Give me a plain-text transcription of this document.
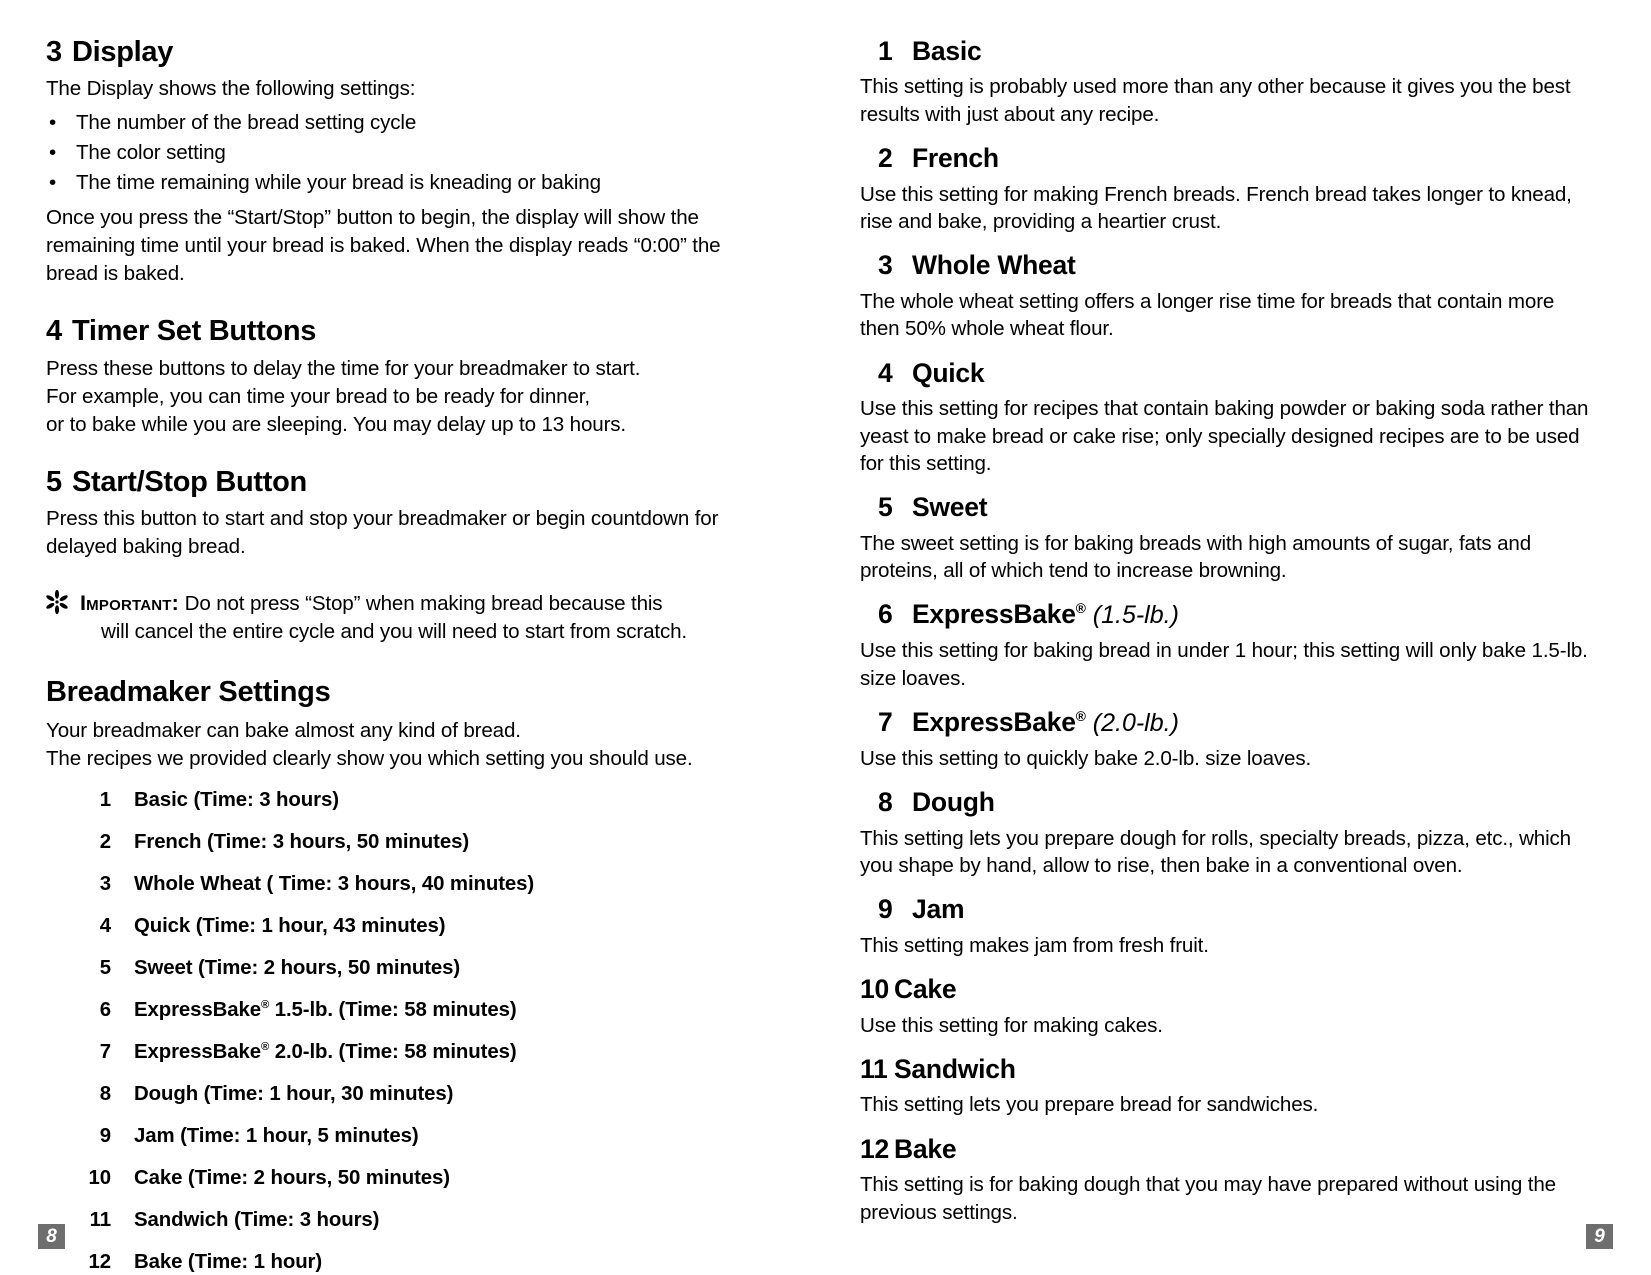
3 Display

The Display shows the following settings:

• The number of the bread setting cycle
• The color setting
• The time remaining while your bread is kneading or baking

Once you press the “Start/Stop” button to begin, the display will show the remaining time until your bread is baked. When the display reads “0:00” the bread is baked.

4 Timer Set Buttons

Press these buttons to delay the time for your breadmaker to start.

For example, you can time your bread to be ready for dinner,

or to bake while you are sleeping. You may delay up to 13 hours.

5 Start/Stop Button

Press this button to start and stop your breadmaker or begin countdown for delayed baking bread.

Important: Do not press “Stop” when making bread because this
will cancel the entire cycle and you will need to start from scratch.
Breadmaker Settings

Your breadmaker can bake almost any kind of bread.

The recipes we provided clearly show you which setting you should use.

1	Basic (Time: 3 hours)
2	French (Time: 3 hours, 50 minutes)
3	Whole Wheat ( Time: 3 hours, 40 minutes)
4	Quick (Time: 1 hour, 43 minutes)
5	Sweet (Time: 2 hours, 50 minutes)
6	ExpressBake® 1.5-lb. (Time: 58 minutes)
7	ExpressBake® 2.0-lb. (Time: 58 minutes)
8	Dough (Time: 1 hour, 30 minutes)
9	Jam (Time: 1 hour, 5 minutes)
10	Cake (Time: 2 hours, 50 minutes)
11	Sandwich (Time: 3 hours)
12	Bake (Time: 1 hour)
1 Basic

This setting is probably used more than any other because it gives you the best results with just about any recipe.

2 French

Use this setting for making French breads. French bread takes longer to knead, rise and bake, providing a heartier crust.

3 Whole Wheat

The whole wheat setting offers a longer rise time for breads that contain more then 50% whole wheat flour.

4 Quick

Use this setting for recipes that contain baking powder or baking soda rather than yeast to make bread or cake rise; only specially designed recipes are to be used for this setting.

5 Sweet

The sweet setting is for baking breads with high amounts of sugar, fats and proteins, all of which tend to increase browning.

6 ExpressBake® (1.5-lb.)

Use this setting for baking bread in under 1 hour; this setting will only bake 1.5-lb. size loaves.

7 ExpressBake® (2.0-lb.)

Use this setting to quickly bake 2.0-lb. size loaves.

8 Dough

This setting lets you prepare dough for rolls, specialty breads, pizza, etc., which you shape by hand, allow to rise, then bake in a conventional oven.

9 Jam

This setting makes jam from fresh fruit.

10 Cake

Use this setting for making cakes.

11 Sandwich

This setting lets you prepare bread for sandwiches.

12 Bake

This setting is for baking dough that you may have prepared without using the previous settings.

8	9
